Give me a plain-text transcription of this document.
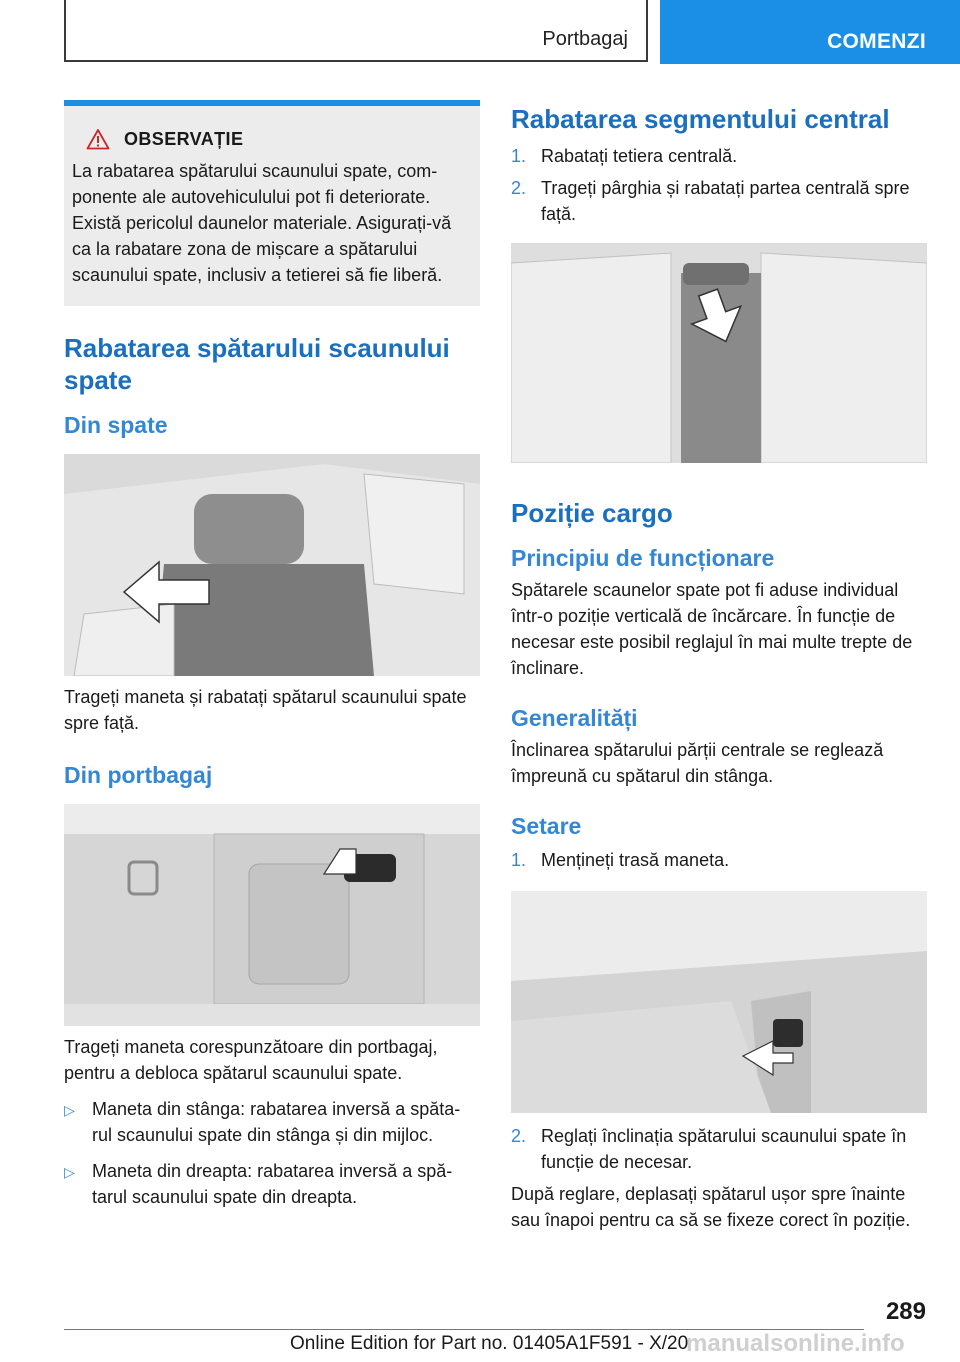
Portbagaj	COMENZI
OBSERVAȚIE

La rabatarea spătarului scaunului spate, com-ponente ale autovehiculului pot fi deteriorate. Există pericolul daunelor materiale. Asigurați-vă ca la rabatare zona de mișcare a spătarului scaunului spate, inclusiv a tetierei să fie liberă.

Rabatarea spătarului scaunului spate
Din spate

Trageți maneta și rabatați spătarul scaunului spate spre față.

Din portbagaj

Trageți maneta corespunzătoare din portbagaj, pentru a debloca spătarul scaunului spate.

▷ Maneta din stânga: rabatarea inversă a spăta-rul scaunului spate din stânga și din mijloc.
▷ Maneta din dreapta: rabatarea inversă a spă-tarul scaunului spate din dreapta.
Rabatarea segmentului central
1. Rabatați tetiera centrală.
2. Trageți pârghia și rabatați partea centrală spre față.
Poziție cargo
Principiu de funcționare

Spătarele scaunelor spate pot fi aduse individual într-o poziție verticală de încărcare. În funcție de necesar este posibil reglajul în mai multe trepte de înclinare.

Generalități

Înclinarea spătarului părții centrale se reglează împreună cu spătarul din stânga.

Setare
1. Mențineți trasă maneta.
2. Reglați înclinația spătarului scaunului spate în funcție de necesar.

După reglare, deplasați spătarul ușor spre înainte sau înapoi pentru ca să se fixeze corect în poziție.

289
Online Edition for Part no. 01405A1F591 - X/20
manualsonline.info
